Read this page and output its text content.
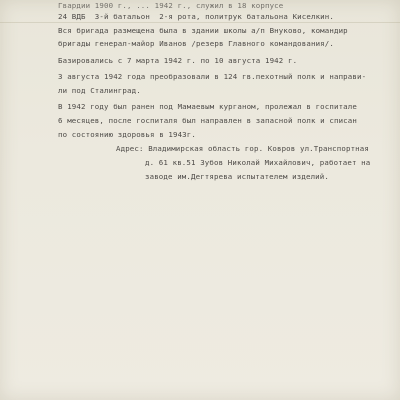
Гвардии 1900 г., ... 1942 г., служил в 18 корпусе

24 ВДБ  3-й батальон  2-я рота, политрук батальона Киселкин.

Вся бригада размещена была в здании школы а/п Внуково, командир

бригады генерал-майор Иванов /резерв Главного командования/.

Базировались с 7 марта 1942 г. по 10 августа 1942 г.

3 августа 1942 года преобразовали в 124 гв.пехотный полк и направи-

ли под Сталинград.

В 1942 году был ранен под Мамаевым курганом, пролежал в госпитале

6 месяцев, после госпиталя был направлен в запасной полк и списан

по состоянию здоровья в 1943г.

Адрес: Владимирская область гор. Ковров ул.Транспортная

д. 61 кв.51 Зубов Николай Михайлович, работает на

заводе им.Дегтярева испытателем изделий.
